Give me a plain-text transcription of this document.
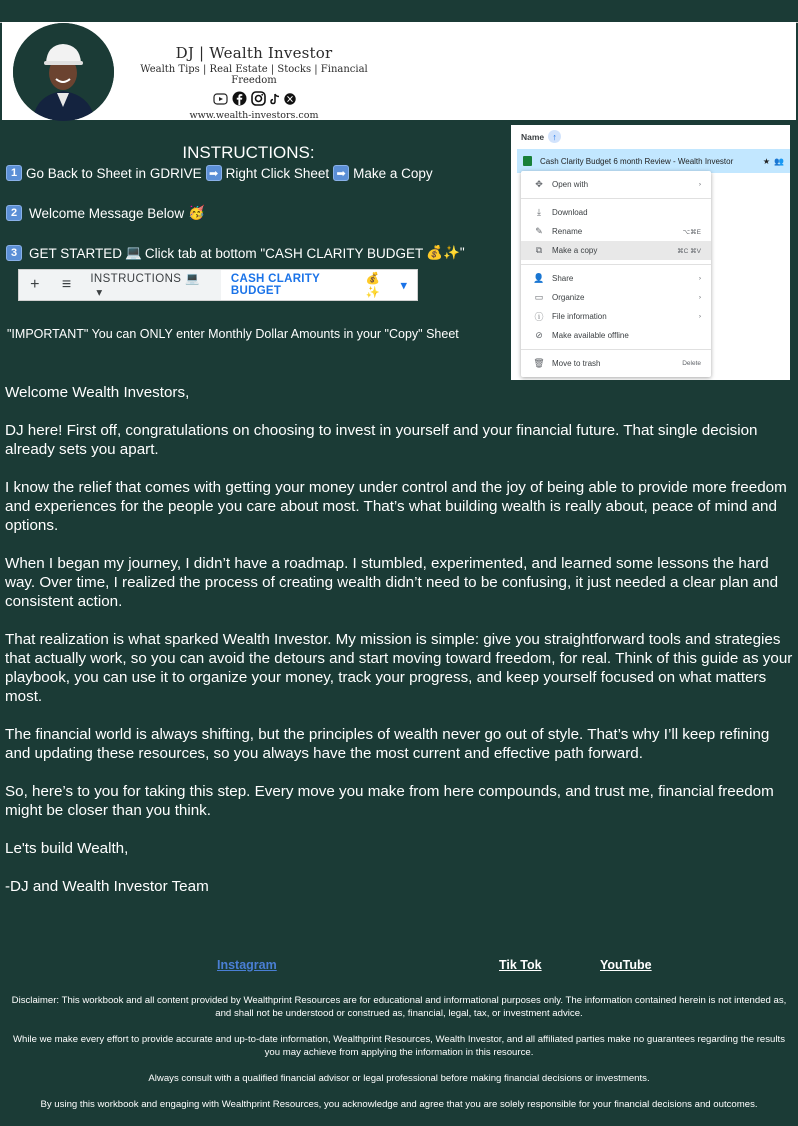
DJ | Wealth Investor
Wealth Tips | Real Estate | Stocks | Financial Freedom
www.wealth-investors.com
INSTRUCTIONS:
1 Go Back to Sheet in GDRIVE ➡ Right Click Sheet ➡ Make a Copy
2 Welcome Message Below 🥳
3 GET STARTED 💻 Click tab at bottom "CASH CLARITY BUDGET 💰✨"
+	≡	INSTRUCTIONS 💻 ▾
CASH CLARITY BUDGET
💰✨
▾
"IMPORTANT" You can ONLY enter Monthly Dollar Amounts in your "Copy" Sheet
Name ↑
Cash Clarity Budget 6 month Review - Wealth Investor	★ 👥
✥	Open with	›
⤓	Download
✎	Rename	⌥⌘E
⧉	Make a copy	⌘C ⌘V
👤 Share	›
▭	Organize	›
ⓘ	File information	›
⊘	Make available offline
🗑 Move to trash	Delete

Welcome Wealth Investors,

DJ here! First off, congratulations on choosing to invest in yourself and your financial future. That single decision already sets you apart.

I know the relief that comes with getting your money under control and the joy of being able to provide more freedom and experiences for the people you care about most. That’s what building wealth is really about, peace of mind and options.

When I began my journey, I didn’t have a roadmap. I stumbled, experimented, and learned some lessons the hard way. Over time, I realized the process of creating wealth didn’t need to be confusing, it just needed a clear plan and consistent action.

That realization is what sparked Wealth Investor. My mission is simple: give you straightforward tools and strategies that actually work, so you can avoid the detours and start moving toward freedom, for real. Think of this guide as your playbook, you can use it to organize your money, track your progress, and keep yourself focused on what matters most.

The financial world is always shifting, but the principles of wealth never go out of style. That’s why I’ll keep refining and updating these resources, so you always have the most current and effective path forward.

So, here’s to you for taking this step. Every move you make from here compounds, and trust me, financial freedom might be closer than you think.

Le'ts build Wealth,

-DJ and Wealth Investor Team

Instagram	Tik Tok	YouTube
Disclaimer: This workbook and all content provided by Wealthprint Resources are for educational and informational purposes only. The information contained herein is not intended as, and shall not be understood or construed as, financial, legal, tax, or investment advice.
While we make every effort to provide accurate and up-to-date information, Wealthprint Resources, Wealth Investor, and all affiliated parties make no guarantees regarding the results you may achieve from applying the information in this resource.
Always consult with a qualified financial advisor or legal professional before making financial decisions or investments.
By using this workbook and engaging with Wealthprint Resources, you acknowledge and agree that you are solely responsible for your financial decisions and outcomes.
